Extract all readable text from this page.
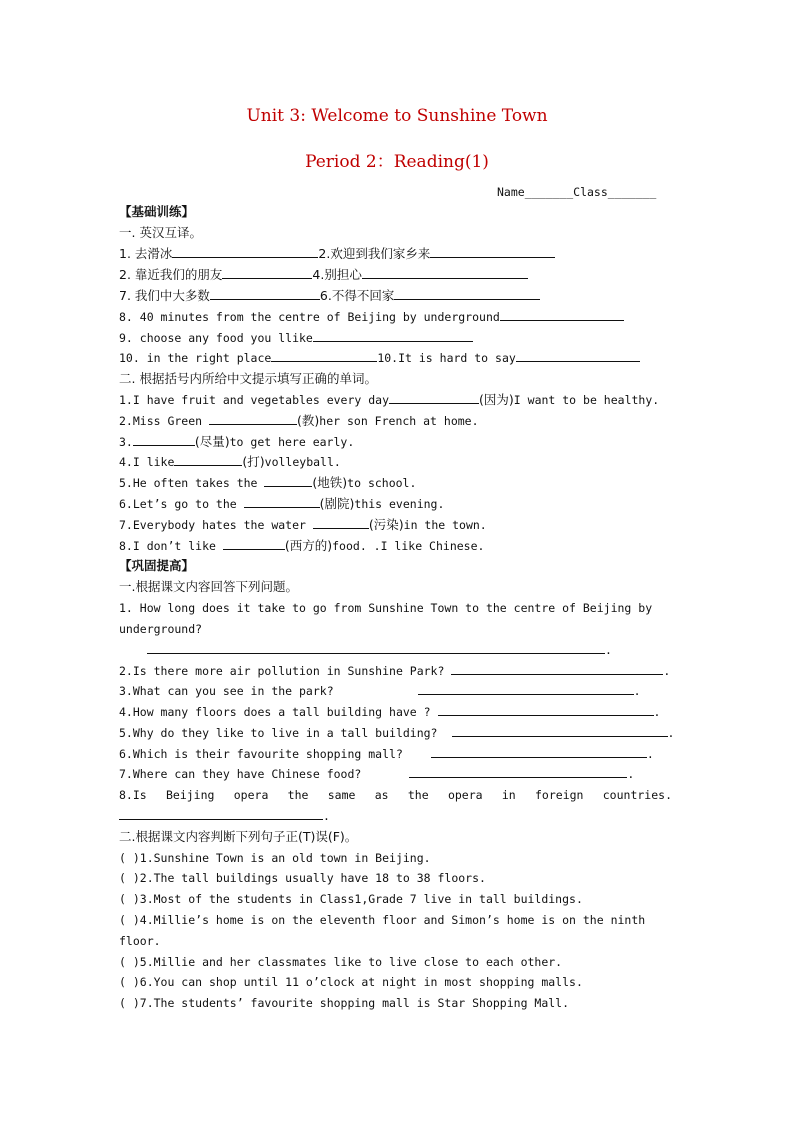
Unit 3: Welcome to Sunshine Town
Period 2：Reading(1)
Name_______Class_______
【基础训练】
一. 英汉互译。
1. 去滑冰	2.欢迎到我们家乡来
2. 靠近我们的朋友	4.别担心
7. 我们中大多数	6.不得不回家
8. 40 minutes from the centre of Beijing by underground
9. choose any food you llike
10. in the right place	10.It is hard to say
二. 根据括号内所给中文提示填写正确的单词。
1.I have fruit and vegetables every day	(因为)I want to be healthy.
2.Miss Green	(教)her son French at home.
3.	(尽量)to get here early.
4.I like	(打)volleyball.
5.He often takes the	(地铁)to school.
6.Let’s go to the	(剧院)this evening.
7.Everybody hates the water	(污染)in the town.
8.I don’t like	(西方的)food. .I like Chinese.
【巩固提高】
一.根据课文内容回答下列问题。
1. How long does it take to go from Sunshine Town to the centre of Beijing by
underground?
.
2.Is there more air pollution in Sunshine Park?	.
3.What can you see in the park?	.
4.How many floors does a tall building have ?	.
5.Why do they like to live in a tall building?	.
6.Which is their favourite shopping mall?	.
7.Where can they have Chinese food?	.
8.Is Beijing opera the same as the opera in foreign countries.
.
二.根据课文内容判断下列句子正(T)误(F)。
( )1.Sunshine Town is an old town in Beijing.
( )2.The tall buildings usually have 18 to 38 floors.
( )3.Most of the students in Class1,Grade 7 live in tall buildings.
( )4.Millie’s home is on the eleventh floor and Simon’s home is on the ninth
floor.
( )5.Millie and her classmates like to live close to each other.
( )6.You can shop until 11 o’clock at night in most shopping malls.
( )7.The students’ favourite shopping mall is Star Shopping Mall.
